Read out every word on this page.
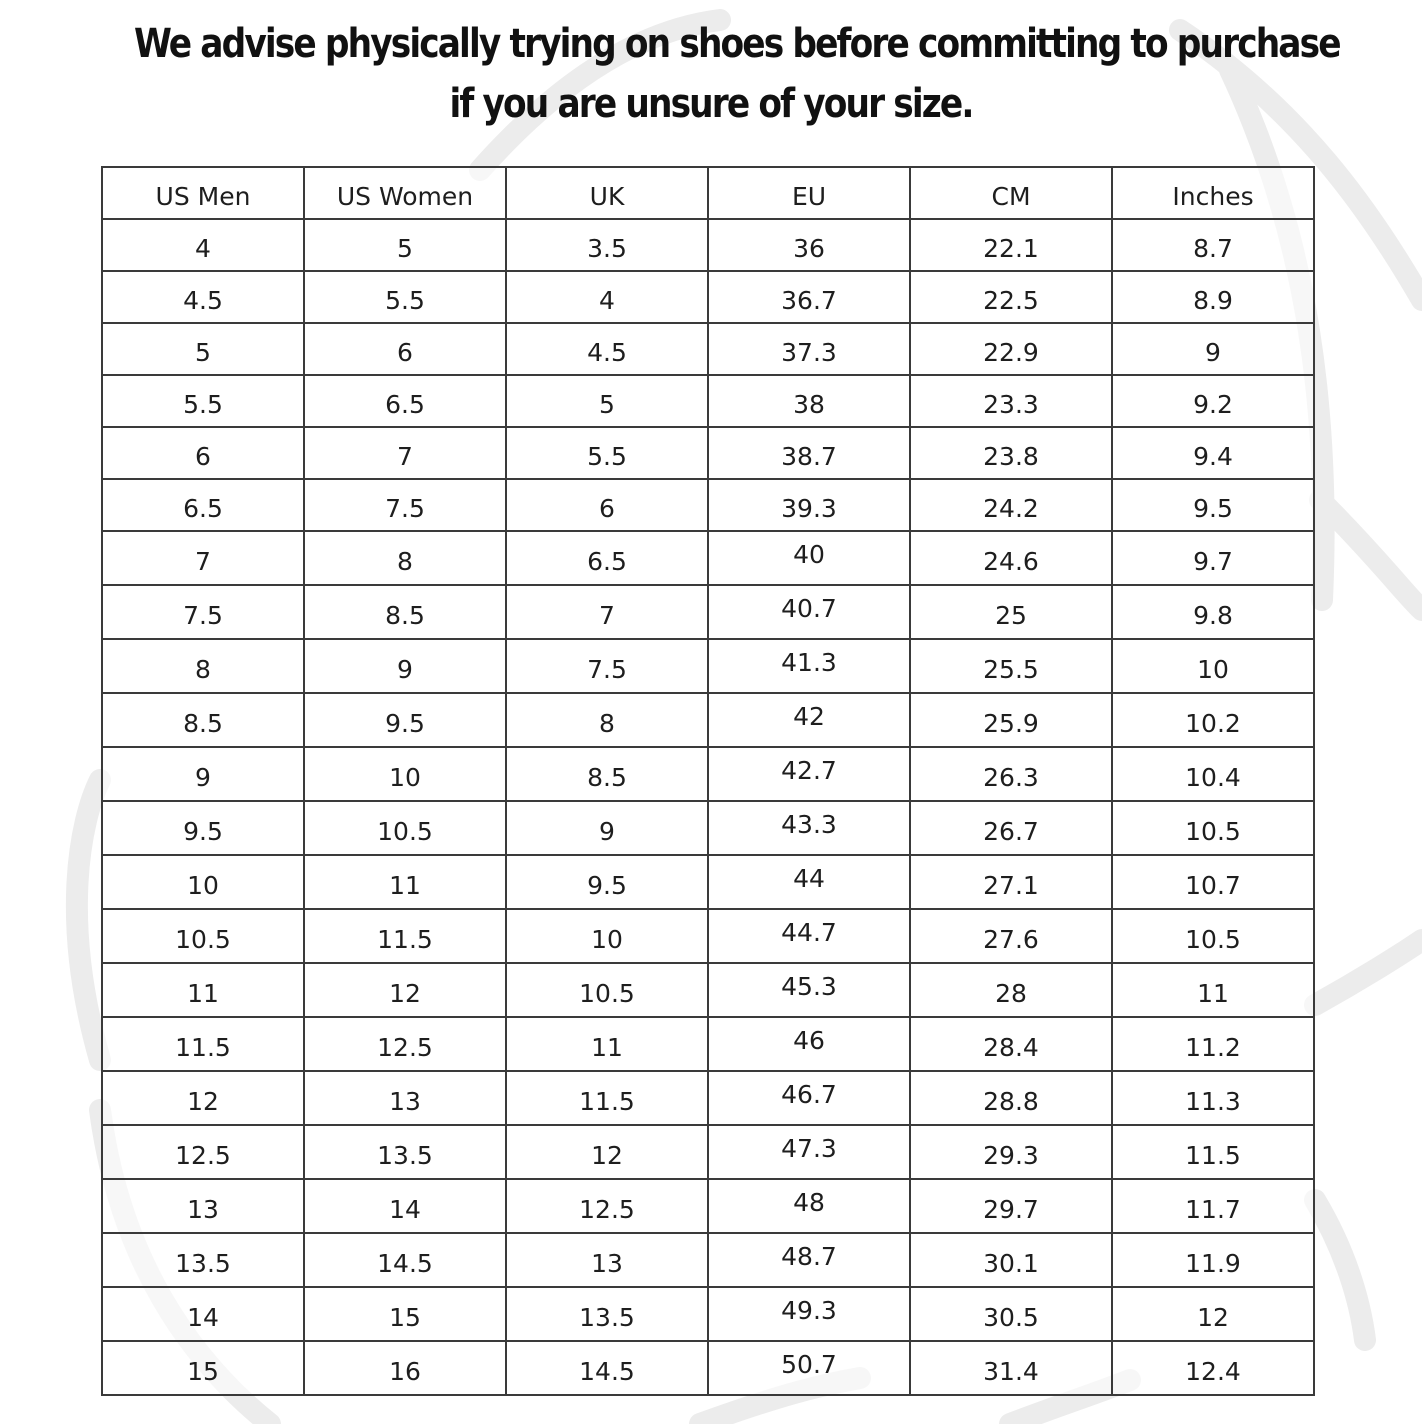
We advise physically trying on shoes before committing to purchase
if you are unsure of your size.
US Men	US Women	UK	EU	CM	Inches
4	5	3.5	36	22.1	8.7
4.5	5.5	4	36.7	22.5	8.9
5	6	4.5	37.3	22.9	9
5.5	6.5	5	38	23.3	9.2
6	7	5.5	38.7	23.8	9.4
6.5	7.5	6	39.3	24.2	9.5
7	8	6.5	40	24.6	9.7
7.5	8.5	7	40.7	25	9.8
8	9	7.5	41.3	25.5	10
8.5	9.5	8	42	25.9	10.2
9	10	8.5	42.7	26.3	10.4
9.5	10.5	9	43.3	26.7	10.5
10	11	9.5	44	27.1	10.7
10.5	11.5	10	44.7	27.6	10.5
11	12	10.5	45.3	28	11
11.5	12.5	11	46	28.4	11.2
12	13	11.5	46.7	28.8	11.3
12.5	13.5	12	47.3	29.3	11.5
13	14	12.5	48	29.7	11.7
13.5	14.5	13	48.7	30.1	11.9
14	15	13.5	49.3	30.5	12
15	16	14.5	50.7	31.4	12.4
